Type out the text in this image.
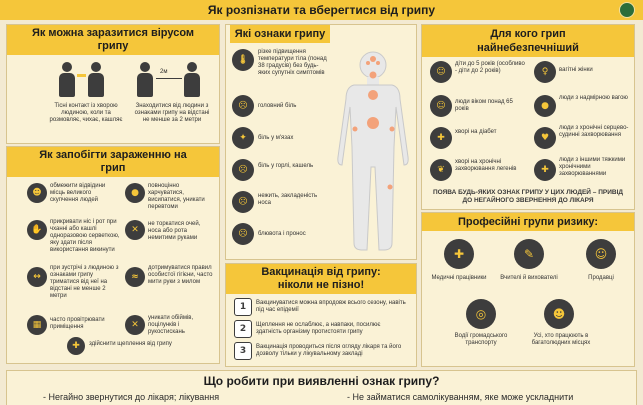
Як розпізнати та вберегтися від грипу
Як можна заразитися вірусом грипу
Тісні контакт із хворою людиною, коли та розмовляє, чихає, кашляє
2м
Знаходитися від людини з ознаками грипу на відстані не менше за 2 метри
Як запобігти зараженню на грип
☻
обмежити відвідини місць великого скупчення людей
●
повноцінно харчуватися, висипатися, уникати перевтоми
✋
прикривати ніс і рот при чханні або кашлі одноразовою серветкою, яку здати після використання викинути
✕
не торкатися очей, носа або рота немитими руками
↔
при зустрічі з людиною з ознаками грипу триматися від неї на відстані не менше 2 метри
≈
дотримуватися правил особистої гігієни, часто мити руки з милом
▦	часто провітрювати приміщення	✕
уникати обіймів, поцілунків і рукостискань
✚	здійснити щеплення від грипу
Які ознаки грипу
🌡
різке підвищення температури тіла (понад 38 градусів) без будь-яких супутніх симптомів
☹	головний біль
✦	біль у м'язах
☹	біль у горлі, кашель
☹
нежить, закладеність носа
☹	блювота і пронос
Вакцинація від грипу: ніколи не пізно!
1	Вакцинуватися можна впродовж всього сезону, навіть під час епідемії
2	Щеплення не ослаблює, а навпаки, посилює здатність організму протистояти грипу
3	Вакцинація проводиться після огляду лікаря та його дозволу тільки у лікувальному закладі
Для кого грип найнебезпечніший
☺
діти до 5 років (особливо - діти до 2 років)	♀	вагітні жінки
☺	люди віком понад 65 років	●
люди з надмірною вагою
✚
хворі на діабет
♥
люди з хронічні серцево-судинні захворювання
❦
хворі на хронічні захворювання легенів	✚
люди з іншими тяжкими хронічними захворюваннями
ПОЯВА БУДЬ-ЯКИХ ОЗНАК ГРИПУ У ЦИХ ЛЮДЕЙ – ПРИВІД ДО НЕГАЙНОГО ЗВЕРНЕННЯ ДО ЛІКАРЯ
Професійні групи ризику:
✚
Медичні працівники
✎
Вчителі й вихователі
☺
Продавці
◎
Водії громадського транспорту
☻
Усі, хто працюють в багатолюдних місцях
Що робити при виявленні ознак грипу?
- Негайно звернутися до лікаря; лікування	- Не займатися самолікуванням, яке може ускладнити
